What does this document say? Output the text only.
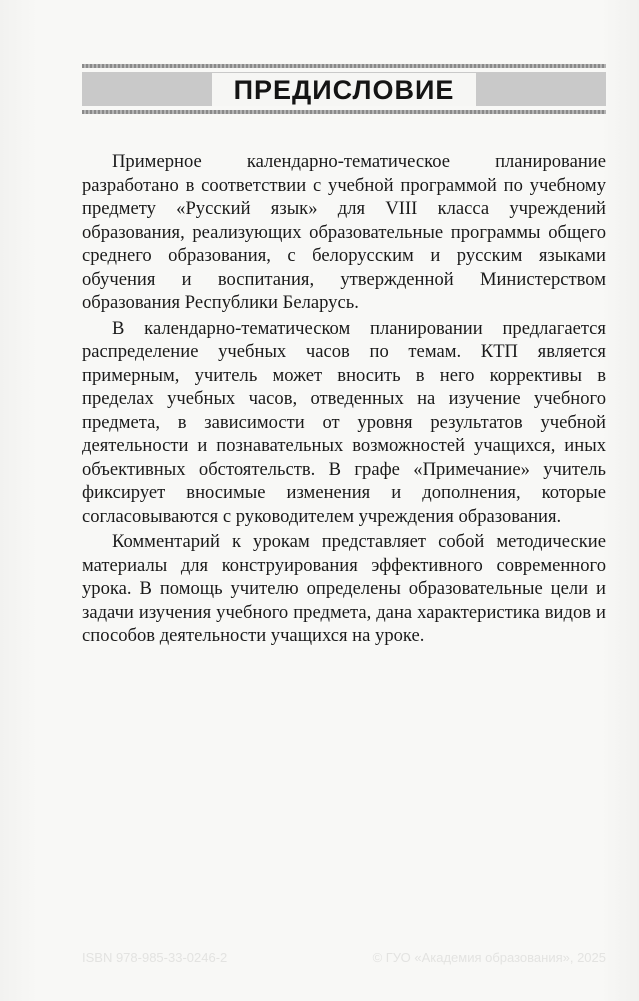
ПРЕДИСЛОВИЕ

Примерное календарно-тематическое планирование разработано в соответствии с учебной программой по учебному предмету «Русский язык» для VIII класса учреждений образования, реализующих образовательные программы общего среднего образования, с белорусским и русским языками обучения и воспитания, утвержденной Министерством образования Республики Беларусь.

В календарно-тематическом планировании предлагается распределение учебных часов по темам. КТП является примерным, учитель может вносить в него коррективы в пределах учебных часов, отведенных на изучение учебного предмета, в зависимости от уровня результатов учебной деятельности и познавательных возможностей учащихся, иных объективных обстоятельств. В графе «Примечание» учитель фиксирует вносимые изменения и дополнения, которые согласовываются с руководителем учреждения образования.

Комментарий к урокам представляет собой методические материалы для конструирования эффективного современного урока. В помощь учителю определены образовательные цели и задачи изучения учебного предмета, дана характеристика видов и способов деятельности учащихся на уроке.

ISBN 978-985-33-0246-2	© ГУО «Академия образования», 2025
